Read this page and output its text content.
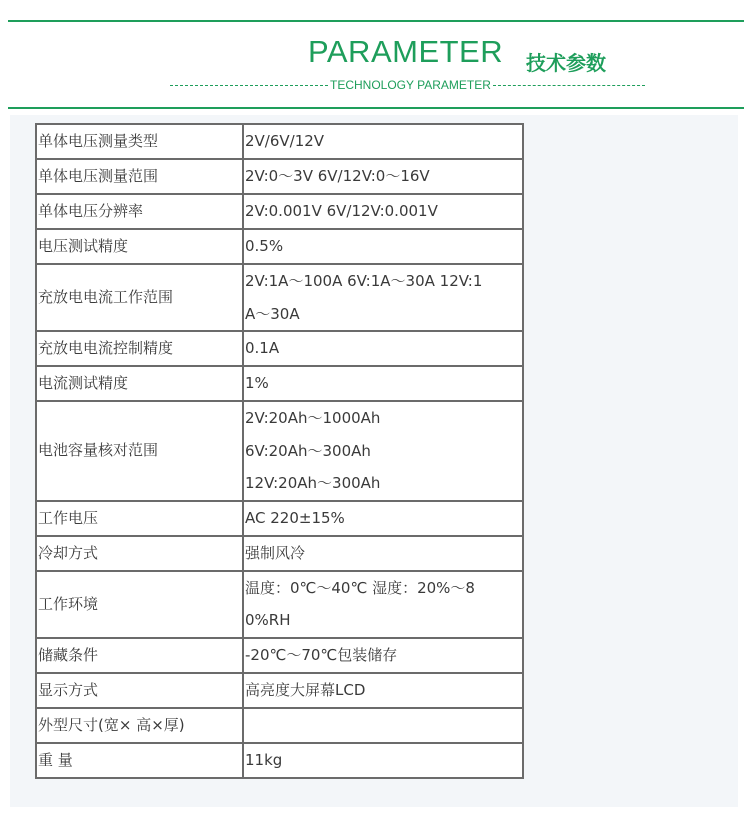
PARAMETER 技术参数
TECHNOLOGY PARAMETER
单体电压测量类型	2V/6V/12V

单体电压测量范围	2V:0～3V 6V/12V:0～16V

单体电压分辨率	2V:0.001V 6V/12V:0.001V

电压测试精度	0.5%

充放电电流工作范围	2V:1A～100A 6V:1A～30A 12V:1
A～30A

充放电电流控制精度	0.1A

电流测试精度	1%

电池容量核对范围	2V:20Ah～1000Ah
6V:20Ah～300Ah
12V:20Ah～300Ah

工作电压	AC 220±15%

冷却方式	强制风冷

工作环境	温度：0℃～40℃ 湿度：20%～8
0%RH

储藏条件	-20℃～70℃包装储存

显示方式	高亮度大屏幕LCD

外型尺寸(宽× 高×厚)	

重 量	11kg
